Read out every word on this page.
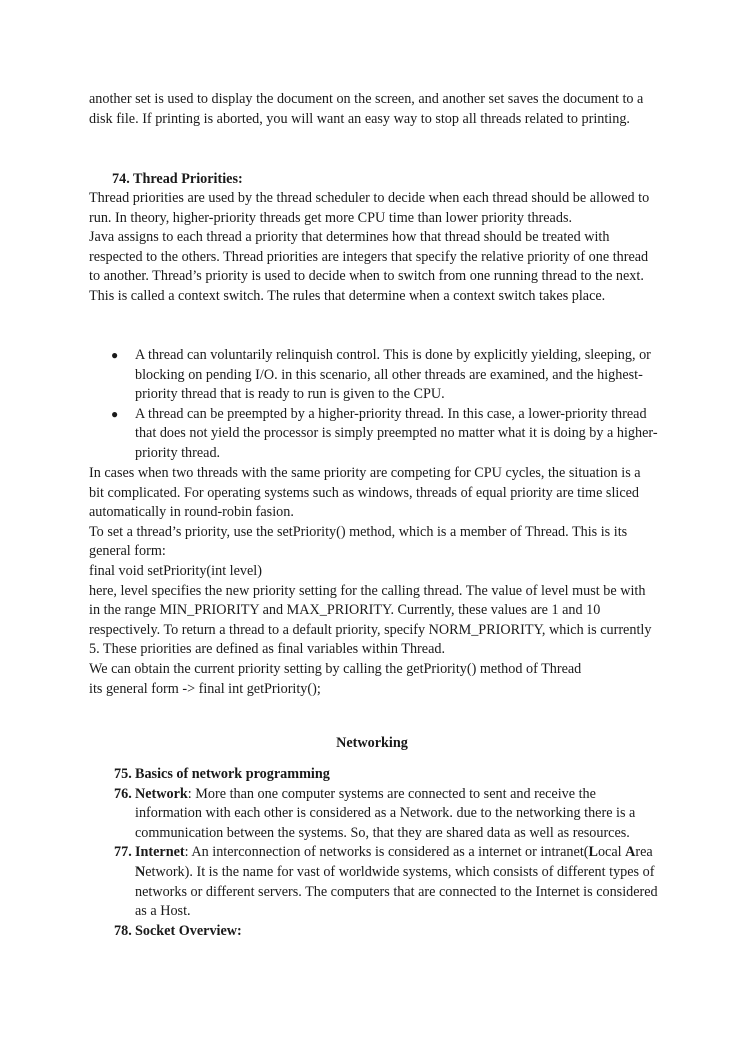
another set is used to display the document on the screen, and another set saves the document to a disk file. If printing is aborted, you will want an easy way to stop all threads related to printing.

74. Thread Priorities:

Thread priorities are used by the thread scheduler to decide when each thread should be allowed to run. In theory, higher-priority threads get more CPU time than lower priority threads.

Java assigns to each thread a priority that determines how that thread should be treated with respected to the others. Thread priorities are integers that specify the relative priority of one thread to another. Thread’s priority is used to decide when to switch from one running thread to the next. This is called a context switch. The rules that determine when a context switch takes place.

● A thread can voluntarily relinquish control. This is done by explicitly yielding, sleeping, or blocking on pending I/O. in this scenario, all other threads are examined, and the highest-priority thread that is ready to run is given to the CPU.
● A thread can be preempted by a higher-priority thread. In this case, a lower-priority thread that does not yield the processor is simply preempted no matter what it is doing by a higher-priority thread.

In cases when two threads with the same priority are competing for CPU cycles, the situation is a bit complicated. For operating systems such as windows, threads of equal priority are time sliced automatically in round-robin fasion.

To set a thread’s priority, use the setPriority() method, which is a member of Thread. This is its general form:

final void setPriority(int level)

here, level specifies the new priority setting for the calling thread. The value of level must be with in the range MIN_PRIORITY and MAX_PRIORITY. Currently, these values are 1 and 10 respectively. To return a thread to a default priority, specify NORM_PRIORITY, which is currently 5. These priorities are defined as final variables within Thread.

We can obtain the current priority setting by calling the getPriority() method of Thread

its general form -> final int getPriority();

Networking
75. Basics of network programming
76. Network: More than one computer systems are connected to sent and receive the information with each other is considered as a Network. due to the networking there is a communication between the systems. So, that they are shared data as well as resources.
77. Internet: An interconnection of networks is considered as a internet or intranet(Local Area Network). It is the name for vast of worldwide systems, which consists of different types of networks or different servers. The computers that are connected to the Internet is considered as a Host.
78. Socket Overview:
